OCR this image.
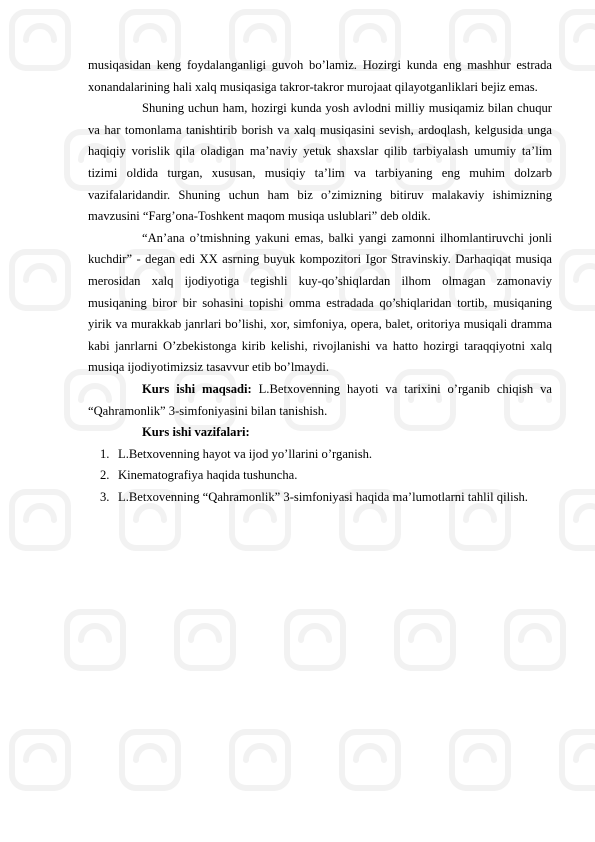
musiqasidan keng foydalanganligi guvoh bo’lamiz. Hozirgi kunda eng mashhur estrada xonandalarining hali xalq musiqasiga takror-takror murojaat qilayotganliklari bejiz emas.

Shuning uchun ham, hozirgi kunda yosh avlodni milliy musiqamiz bilan chuqur va har tomonlama tanishtirib borish va xalq musiqasini sevish, ardoqlash, kelgusida unga haqiqiy vorislik qila oladigan ma’naviy yetuk shaxslar qilib tarbiyalash umumiy ta’lim tizimi oldida turgan, xususan, musiqiy ta’lim va tarbiyaning eng muhim dolzarb vazifalaridandir. Shuning uchun ham biz o’zimizning bitiruv malakaviy ishimizning mavzusini “Farg’ona-Toshkent maqom musiqa uslublari” deb oldik.

“An’ana o’tmishning yakuni emas, balki yangi zamonni ilhomlantiruvchi jonli kuchdir” - degan edi XX asrning buyuk kompozitori Igor Stravinskiy. Darhaqiqat musiqa merosidan xalq ijodiyotiga tegishli kuy-qo’shiqlardan ilhom olmagan zamonaviy musiqaning biror bir sohasini topishi omma estradada qo’shiqlaridan tortib, musiqaning yirik va murakkab janrlari bo’lishi, xor, simfoniya, opera, balet, oritoriya musiqali dramma kabi janrlarni O’zbekistonga kirib kelishi, rivojlanishi va hatto hozirgi taraqqiyotni xalq musiqa ijodiyotimizsiz tasavvur etib bo’lmaydi.

Kurs ishi maqsadi: L.Betxovenning hayoti va tarixini o’rganib chiqish va “Qahramonlik” 3-simfoniyasini bilan tanishish.

Kurs ishi vazifalari:

1. L.Betxovenning hayot va ijod yo’llarini o’rganish.
2. Kinematografiya haqida tushuncha.
3. L.Betxovenning “Qahramonlik” 3-simfoniyasi haqida ma’lumotlarni tahlil qilish.
